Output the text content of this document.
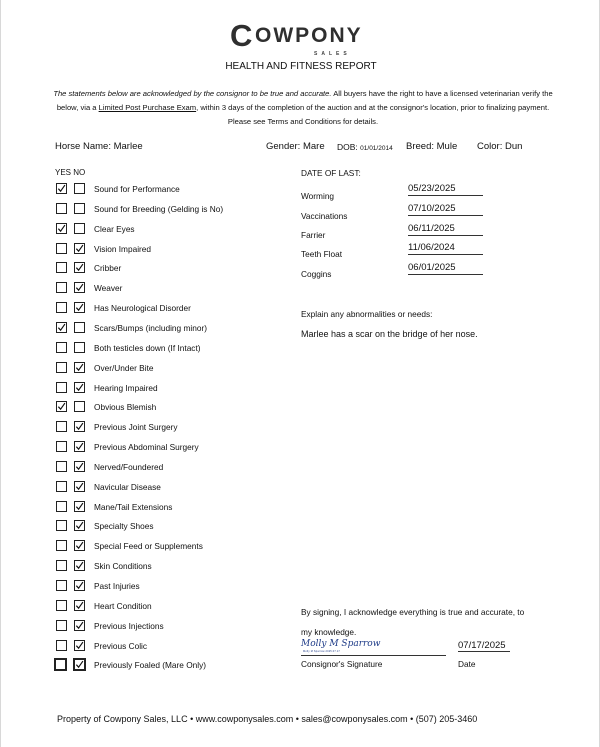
C OWPONY
SALES
HEALTH AND FITNESS REPORT
The statements below are acknowledged by the consignor to be true and accurate. All buyers have the right to have a licensed veterinarian verify the below, via a Limited Post Purchase Exam, within 3 days of the completion of the auction and at the consignor's location, prior to finalizing payment. Please see Terms and Conditions for details.
Horse Name: Marlee	Gender: Mare DOB: 01/01/2014 Breed: Mule Color: Dun
YES NO
Sound for Performance
Sound for Breeding (Gelding is No)
Clear Eyes
Vision Impaired
Cribber
Weaver
Has Neurological Disorder
Scars/Bumps (including minor)
Both testicles down (If Intact)
Over/Under Bite
Hearing Impaired
Obvious Blemish
Previous Joint Surgery
Previous Abdominal Surgery
Nerved/Foundered
Navicular Disease
Mane/Tail Extensions
Specialty Shoes
Special Feed or Supplements
Skin Conditions
Past Injuries
Heart Condition
Previous Injections
Previous Colic
Previously Foaled (Mare Only)
DATE OF LAST:
Worming
05/23/2025
Vaccinations
07/10/2025
Farrier
06/11/2025
Teeth Float
11/06/2024
Coggins
06/01/2025
Explain any abnormalities or needs:
Marlee has a scar on the bridge of her nose.
By signing, I acknowledge everything is true and accurate, to my knowledge.
Molly M Sparrow
Molly M Sparrow 2025.07.17
Consignor's Signature
07/17/2025
Date
Property of Cowpony Sales, LLC • www.cowponysales.com • sales@cowponysales.com • (507) 205-3460
